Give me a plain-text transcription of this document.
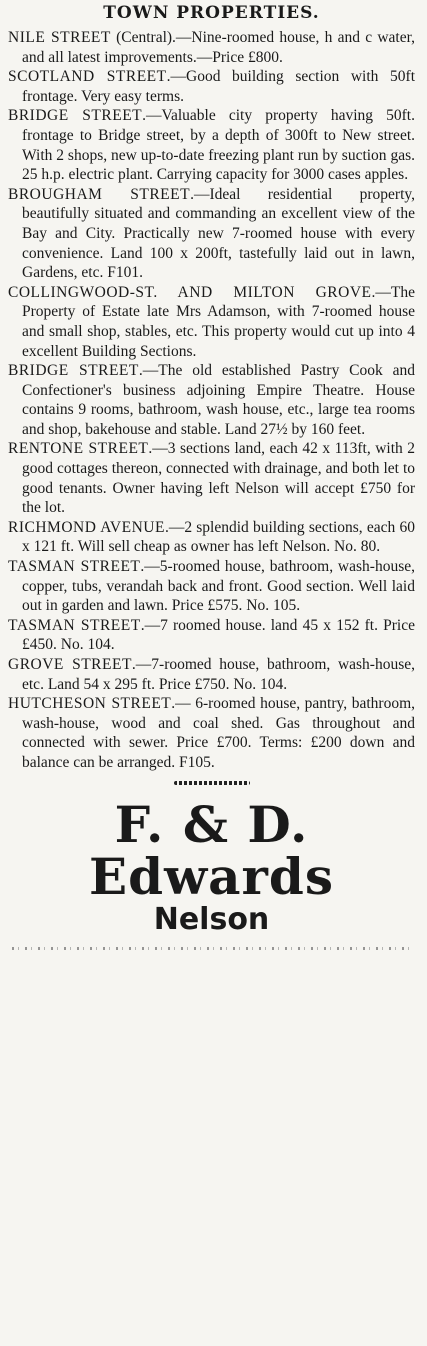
TOWN PROPERTIES.

NILE STREET (Central).—Nine-roomed house, h and c water, and all latest improvements.—Price £800.

SCOTLAND STREET.—Good building section with 50ft frontage. Very easy terms.

BRIDGE STREET.—Valuable city property having 50ft. frontage to Bridge street, by a depth of 300ft to New street. With 2 shops, new up-to-date freezing plant run by suction gas. 25 h.p. electric plant. Carrying capacity for 3000 cases apples.

BROUGHAM STREET.—Ideal residential property, beautifully situated and commanding an excellent view of the Bay and City. Practically new 7-roomed house with every convenience. Land 100 x 200ft, tastefully laid out in lawn, Gardens, etc. F101.

COLLINGWOOD-ST. AND MILTON GROVE.—The Property of Estate late Mrs Adamson, with 7-roomed house and small shop, stables, etc. This property would cut up into 4 excellent Building Sections.

BRIDGE STREET.—The old established Pastry Cook and Confectioner's business adjoining Empire Theatre. House contains 9 rooms, bathroom, wash house, etc., large tea rooms and shop, bakehouse and stable. Land 27½ by 160 feet.

RENTONE STREET.—3 sections land, each 42 x 113ft, with 2 good cottages thereon, connected with drainage, and both let to good tenants. Owner having left Nelson will accept £750 for the lot.

RICHMOND AVENUE.—2 splendid building sections, each 60 x 121 ft. Will sell cheap as owner has left Nelson. No. 80.

TASMAN STREET.—5-roomed house, bathroom, wash-house, copper, tubs, verandah back and front. Good section. Well laid out in garden and lawn. Price £575. No. 105.

TASMAN STREET.—7 roomed house. land 45 x 152 ft. Price £450. No. 104.

GROVE STREET.—7-roomed house, bathroom, wash-house, etc. Land 54 x 295 ft. Price £750. No. 104.

HUTCHESON STREET.— 6-roomed house, pantry, bathroom, wash-house, wood and coal shed. Gas throughout and connected with sewer. Price £700. Terms: £200 down and balance can be arranged. F105.

F. & D. Edwards
Nelson
